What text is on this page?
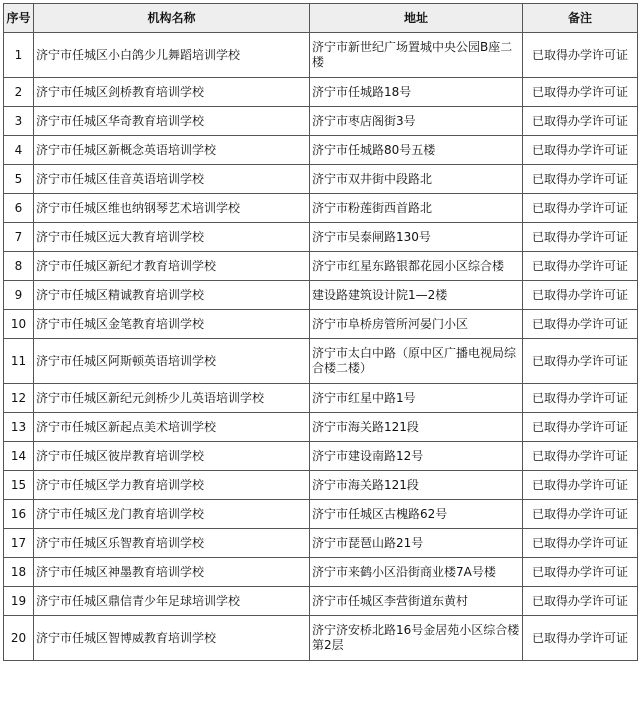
序号	机构名称	地址	备注
1	济宁市任城区小白鸽少儿舞蹈培训学校	济宁市新世纪广场置城中央公园B座二楼	已取得办学许可证
2	济宁市任城区剑桥教育培训学校	济宁市任城路18号	已取得办学许可证
3	济宁市任城区华奇教育培训学校	济宁市枣店阁街3号	已取得办学许可证
4	济宁市任城区新概念英语培训学校	济宁市任城路80号五楼	已取得办学许可证
5	济宁市任城区佳音英语培训学校	济宁市双井街中段路北	已取得办学许可证
6	济宁市任城区维也纳钢琴艺术培训学校	济宁市粉莲街西首路北	已取得办学许可证
7	济宁市任城区远大教育培训学校	济宁市吴泰闸路130号	已取得办学许可证
8	济宁市任城区新纪才教育培训学校	济宁市红星东路银都花园小区综合楼	已取得办学许可证
9	济宁市任城区精诚教育培训学校	建设路建筑设计院1—2楼	已取得办学许可证
10	济宁市任城区金笔教育培训学校	济宁市阜桥房管所河晏门小区	已取得办学许可证
11	济宁市任城区阿斯顿英语培训学校	济宁市太白中路（原中区广播电视局综合楼二楼）	已取得办学许可证
12	济宁市任城区新纪元剑桥少儿英语培训学校	济宁市红星中路1号	已取得办学许可证
13	济宁市任城区新起点美术培训学校	济宁市海关路121段	已取得办学许可证
14	济宁市任城区彼岸教育培训学校	济宁市建设南路12号	已取得办学许可证
15	济宁市任城区学力教育培训学校	济宁市海关路121段	已取得办学许可证
16	济宁市任城区龙门教育培训学校	济宁市任城区古槐路62号	已取得办学许可证
17	济宁市任城区乐智教育培训学校	济宁市琵琶山路21号	已取得办学许可证
18	济宁市任城区神墨教育培训学校	济宁市来鹤小区沿街商业楼7A号楼	已取得办学许可证
19	济宁市任城区鼎信青少年足球培训学校	济宁市任城区李营街道东黄村	已取得办学许可证
20	济宁市任城区智博威教育培训学校	济宁济安桥北路16号金居苑小区综合楼第2层	已取得办学许可证
